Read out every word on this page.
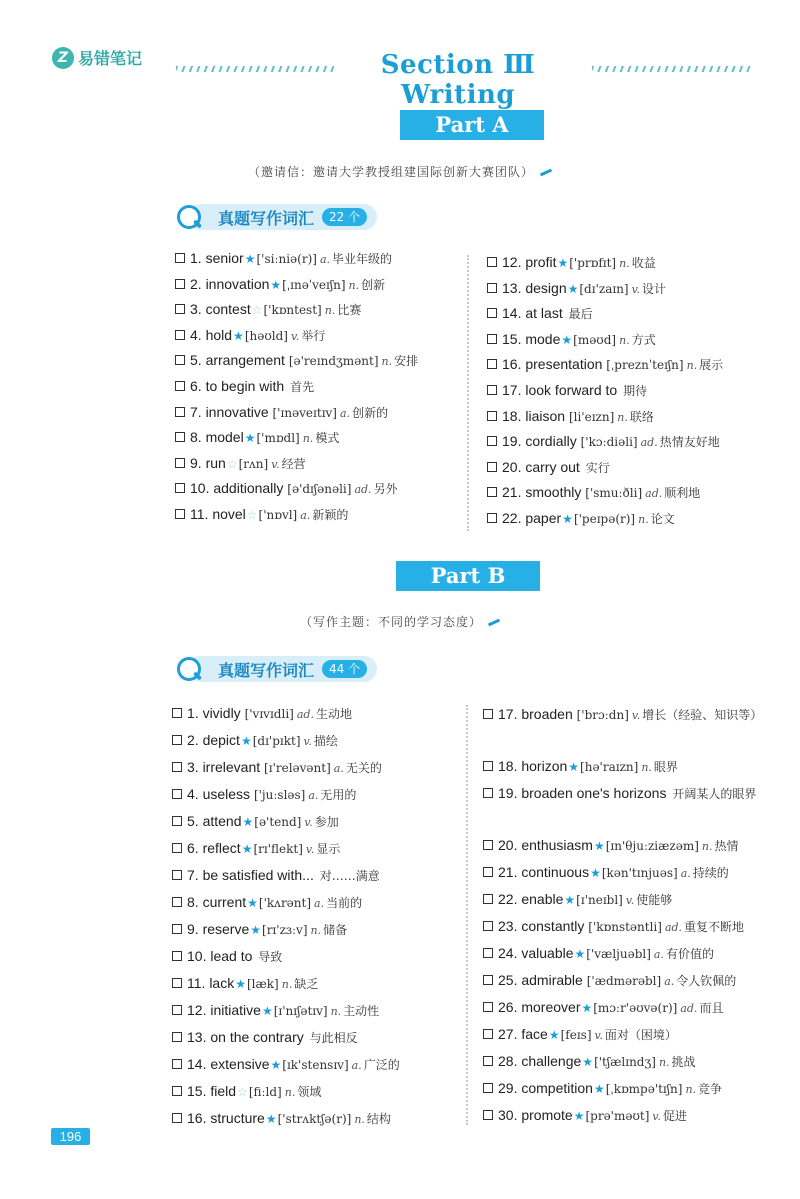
Z 易错笔记	Section Ⅲ Writing
Part A
（邀请信：邀请大学教授组建国际创新大赛团队）
真题写作词汇	22 个
1. senior★['siːniə(r)] a. 毕业年级的
2. innovation★[ˌɪnəˈveɪʃn] n. 创新
3. contest☆['kɒntest] n. 比赛
4. hold★[həʊld] v. 举行
5. arrangement [ə'reɪndʒmənt] n. 安排
6. to begin with 首先
7. innovative ['ɪnəveɪtɪv] a. 创新的
8. model★['mɒdl] n. 模式
9. run☆[rʌn] v. 经营
10. additionally [ə'dɪʃənəli] ad. 另外
11. novel☆['nɒvl] a. 新颖的
12. profit★['prɒfɪt] n. 收益
13. design★[dɪ'zaɪn] v. 设计
14. at last 最后
15. mode★[məʊd] n. 方式
16. presentation [ˌpreznˈteɪʃn] n. 展示
17. look forward to 期待
18. liaison [li'eɪzn] n. 联络
19. cordially ['kɔːdiəli] ad. 热情友好地
20. carry out 实行
21. smoothly ['smuːðli] ad. 顺利地
22. paper★['peɪpə(r)] n. 论文
Part B
（写作主题：不同的学习态度）
真题写作词汇	44 个
1. vividly ['vɪvɪdli] ad. 生动地
2. depict★[dɪ'pɪkt] v. 描绘
3. irrelevant [ɪ'reləvənt] a. 无关的
4. useless ['juːsləs] a. 无用的
5. attend★[ə'tend] v. 参加
6. reflect★[rɪ'flekt] v. 显示
7. be satisfied with... 对……满意
8. current★['kʌrənt] a. 当前的
9. reserve★[rɪ'zɜːv] n. 储备
10. lead to 导致
11. lack★[læk] n. 缺乏
12. initiative★[ɪ'nɪʃətɪv] n. 主动性
13. on the contrary 与此相反
14. extensive★[ɪk'stensɪv] a. 广泛的
15. field☆[fiːld] n. 领域
16. structure★['strʌktʃə(r)] n. 结构
17. broaden ['brɔːdn] v. 增长（经验、知识等）
18. horizon★[hə'raɪzn] n. 眼界
19. broaden one's horizons 开阔某人的眼界
20. enthusiasm★[ɪn'θjuːziæzəm] n. 热情
21. continuous★[kən'tɪnjuəs] a. 持续的
22. enable★[ɪ'neɪbl] v. 使能够
23. constantly ['kɒnstəntli] ad. 重复不断地
24. valuable★['væljuəbl] a. 有价值的
25. admirable ['ædmərəbl] a. 令人钦佩的
26. moreover★[mɔːr'əʊvə(r)] ad. 而且
27. face★[feɪs] v. 面对（困境）
28. challenge★['tʃælɪndʒ] n. 挑战
29. competition★[ˌkɒmpə'tɪʃn] n. 竞争
30. promote★[prə'məʊt] v. 促进
196
